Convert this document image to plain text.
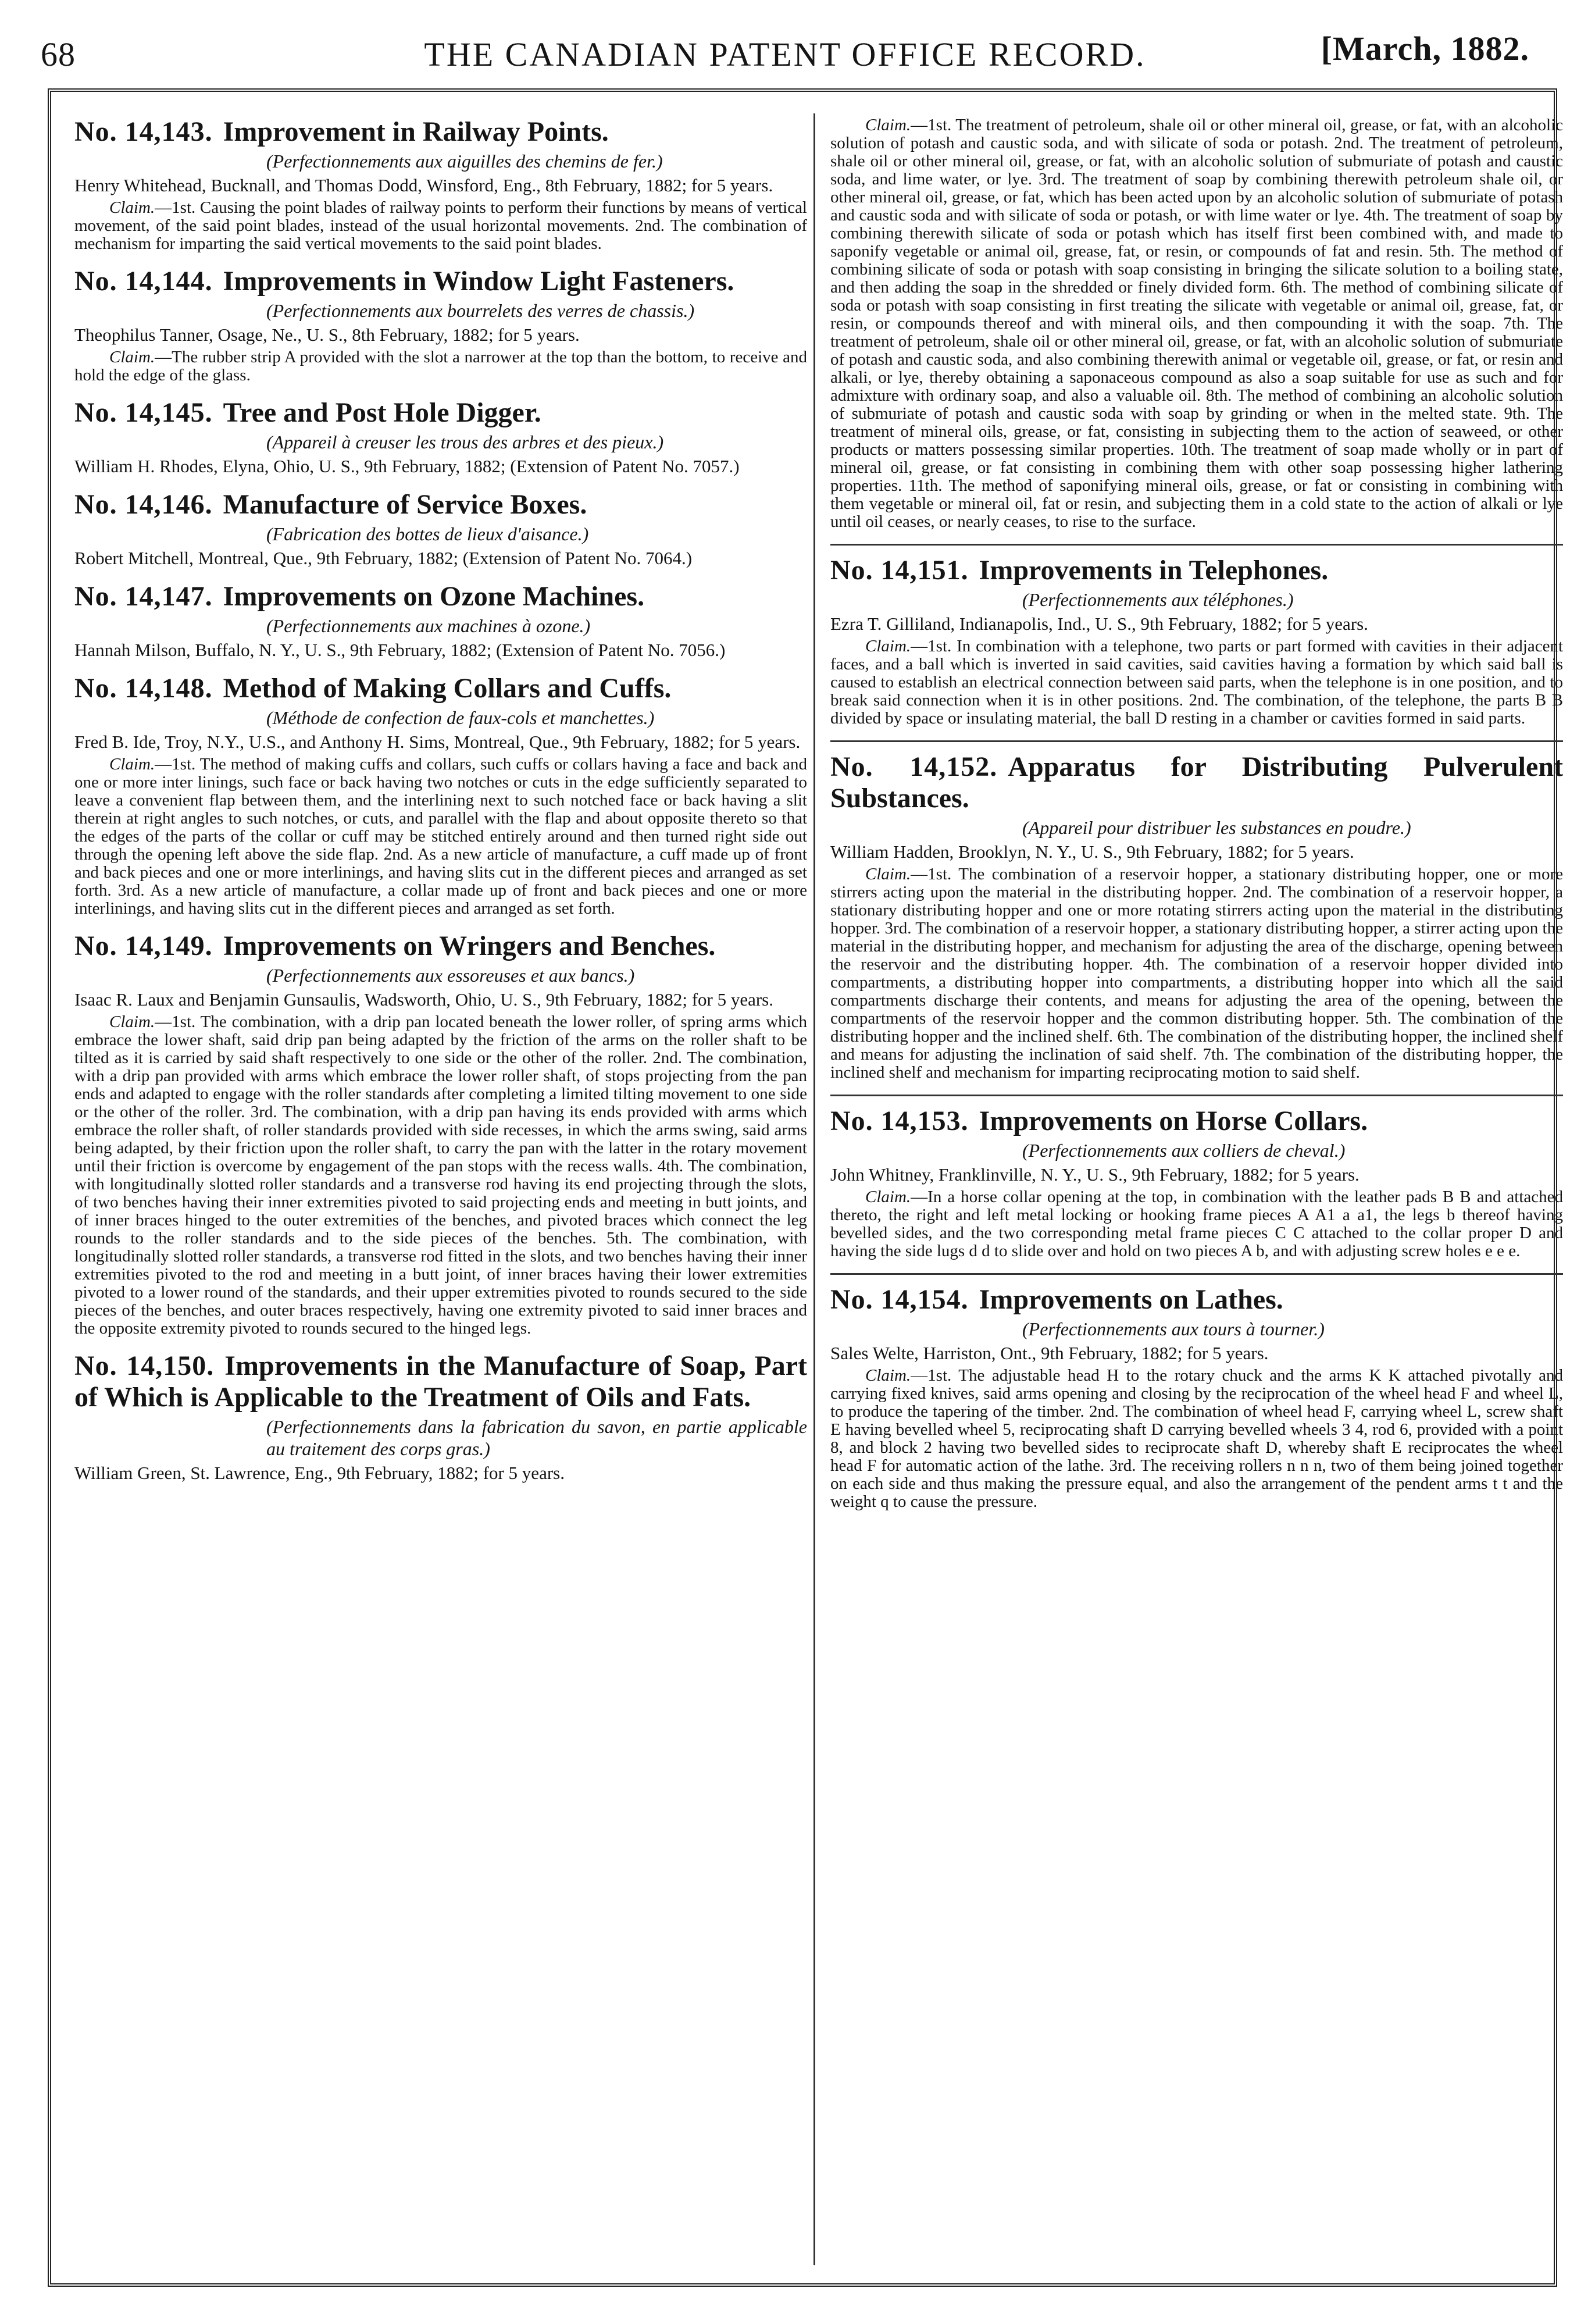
68	THE CANADIAN PATENT OFFICE RECORD.	[March, 1882.
No. 14,143. Improvement in Railway Points.
(Perfectionnements aux aiguilles des chemins de fer.)
Henry Whitehead, Bucknall, and Thomas Dodd, Winsford, Eng., 8th February, 1882; for 5 years.
Claim.—1st. Causing the point blades of railway points to perform their functions by means of vertical movement, of the said point blades, instead of the usual horizontal movements. 2nd. The combination of mechanism for imparting the said vertical movements to the said point blades.
No. 14,144. Improvements in Window Light Fasteners.
(Perfectionnements aux bourrelets des verres de chassis.)
Theophilus Tanner, Osage, Ne., U. S., 8th February, 1882; for 5 years.
Claim.—The rubber strip A provided with the slot a narrower at the top than the bottom, to receive and hold the edge of the glass.
No. 14,145. Tree and Post Hole Digger.
(Appareil à creuser les trous des arbres et des pieux.)
William H. Rhodes, Elyna, Ohio, U. S., 9th February, 1882; (Extension of Patent No. 7057.)
No. 14,146. Manufacture of Service Boxes.
(Fabrication des bottes de lieux d'aisance.)
Robert Mitchell, Montreal, Que., 9th February, 1882; (Extension of Patent No. 7064.)
No. 14,147. Improvements on Ozone Machines.
(Perfectionnements aux machines à ozone.)
Hannah Milson, Buffalo, N. Y., U. S., 9th February, 1882; (Extension of Patent No. 7056.)
No. 14,148. Method of Making Collars and Cuffs.
(Méthode de confection de faux-cols et manchettes.)
Fred B. Ide, Troy, N.Y., U.S., and Anthony H. Sims, Montreal, Que., 9th February, 1882; for 5 years.
Claim.—1st. The method of making cuffs and collars, such cuffs or collars having a face and back and one or more inter linings, such face or back having two notches or cuts in the edge sufficiently separated to leave a convenient flap between them, and the interlining next to such notched face or back having a slit therein at right angles to such notches, or cuts, and parallel with the flap and about opposite thereto so that the edges of the parts of the collar or cuff may be stitched entirely around and then turned right side out through the opening left above the side flap. 2nd. As a new article of manufacture, a cuff made up of front and back pieces and one or more interlinings, and having slits cut in the different pieces and arranged as set forth. 3rd. As a new article of manufacture, a collar made up of front and back pieces and one or more interlinings, and having slits cut in the different pieces and arranged as set forth.
No. 14,149. Improvements on Wringers and Benches.
(Perfectionnements aux essoreuses et aux bancs.)
Isaac R. Laux and Benjamin Gunsaulis, Wadsworth, Ohio, U. S., 9th February, 1882; for 5 years.
Claim.—1st. The combination, with a drip pan located beneath the lower roller, of spring arms which embrace the lower shaft, said drip pan being adapted by the friction of the arms on the roller shaft to be tilted as it is carried by said shaft respectively to one side or the other of the roller. 2nd. The combination, with a drip pan provided with arms which embrace the lower roller shaft, of stops projecting from the pan ends and adapted to engage with the roller standards after completing a limited tilting movement to one side or the other of the roller. 3rd. The combination, with a drip pan having its ends provided with arms which embrace the roller shaft, of roller standards provided with side recesses, in which the arms swing, said arms being adapted, by their friction upon the roller shaft, to carry the pan with the latter in the rotary movement until their friction is overcome by engagement of the pan stops with the recess walls. 4th. The combination, with longitudinally slotted roller standards and a transverse rod having its end projecting through the slots, of two benches having their inner extremities pivoted to said projecting ends and meeting in butt joints, and of inner braces hinged to the outer extremities of the benches, and pivoted braces which connect the leg rounds to the roller standards and to the side pieces of the benches. 5th. The combination, with longitudinally slotted roller standards, a transverse rod fitted in the slots, and two benches having their inner extremities pivoted to the rod and meeting in a butt joint, of inner braces having their lower extremities pivoted to a lower round of the standards, and their upper extremities pivoted to rounds secured to the side pieces of the benches, and outer braces respectively, having one extremity pivoted to said inner braces and the opposite extremity pivoted to rounds secured to the hinged legs.
No. 14,150. Improvements in the Manufacture of Soap, Part of Which is Applicable to the Treatment of Oils and Fats.
(Perfectionnements dans la fabrication du savon, en partie applicable au traitement des corps gras.)
William Green, St. Lawrence, Eng., 9th February, 1882; for 5 years.
Claim.—1st. The treatment of petroleum, shale oil or other mineral oil, grease, or fat, with an alcoholic solution of potash and caustic soda, and with silicate of soda or potash. 2nd. The treatment of petroleum, shale oil or other mineral oil, grease, or fat, with an alcoholic solution of submuriate of potash and caustic soda, and lime water, or lye. 3rd. The treatment of soap by combining therewith petroleum shale oil, or other mineral oil, grease, or fat, which has been acted upon by an alcoholic solution of submuriate of potash and caustic soda and with silicate of soda or potash, or with lime water or lye. 4th. The treatment of soap by combining therewith silicate of soda or potash which has itself first been combined with, and made to saponify vegetable or animal oil, grease, fat, or resin, or compounds of fat and resin. 5th. The method of combining silicate of soda or potash with soap consisting in bringing the silicate solution to a boiling state, and then adding the soap in the shredded or finely divided form. 6th. The method of combining silicate of soda or potash with soap consisting in first treating the silicate with vegetable or animal oil, grease, fat, or resin, or compounds thereof and with mineral oils, and then compounding it with the soap. 7th. The treatment of petroleum, shale oil or other mineral oil, grease, or fat, with an alcoholic solution of submuriate of potash and caustic soda, and also combining therewith animal or vegetable oil, grease, or fat, or resin and alkali, or lye, thereby obtaining a saponaceous compound as also a soap suitable for use as such and for admixture with ordinary soap, and also a valuable oil. 8th. The method of combining an alcoholic solution of submuriate of potash and caustic soda with soap by grinding or when in the melted state. 9th. The treatment of mineral oils, grease, or fat, consisting in subjecting them to the action of seaweed, or other products or matters possessing similar properties. 10th. The treatment of soap made wholly or in part of mineral oil, grease, or fat consisting in combining them with other soap possessing higher lathering properties. 11th. The method of saponifying mineral oils, grease, or fat or consisting in combining with them vegetable or mineral oil, fat or resin, and subjecting them in a cold state to the action of alkali or lye until oil ceases, or nearly ceases, to rise to the surface.
No. 14,151. Improvements in Telephones.
(Perfectionnements aux téléphones.)
Ezra T. Gilliland, Indianapolis, Ind., U. S., 9th February, 1882; for 5 years.
Claim.—1st. In combination with a telephone, two parts or part formed with cavities in their adjacent faces, and a ball which is inverted in said cavities, said cavities having a formation by which said ball is caused to establish an electrical connection between said parts, when the telephone is in one position, and to break said connection when it is in other positions. 2nd. The combination, of the telephone, the parts B B divided by space or insulating material, the ball D resting in a chamber or cavities formed in said parts.
No. 14,152. Apparatus for Distributing Pulverulent Substances.
(Appareil pour distribuer les substances en poudre.)
William Hadden, Brooklyn, N. Y., U. S., 9th February, 1882; for 5 years.
Claim.—1st. The combination of a reservoir hopper, a stationary distributing hopper, one or more stirrers acting upon the material in the distributing hopper. 2nd. The combination of a reservoir hopper, a stationary distributing hopper and one or more rotating stirrers acting upon the material in the distributing hopper. 3rd. The combination of a reservoir hopper, a stationary distributing hopper, a stirrer acting upon the material in the distributing hopper, and mechanism for adjusting the area of the discharge, opening between the reservoir and the distributing hopper. 4th. The combination of a reservoir hopper divided into compartments, a distributing hopper into compartments, a distributing hopper into which all the said compartments discharge their contents, and means for adjusting the area of the opening, between the compartments of the reservoir hopper and the common distributing hopper. 5th. The combination of the distributing hopper and the inclined shelf. 6th. The combination of the distributing hopper, the inclined shelf and means for adjusting the inclination of said shelf. 7th. The combination of the distributing hopper, the inclined shelf and mechanism for imparting reciprocating motion to said shelf.
No. 14,153. Improvements on Horse Collars.
(Perfectionnements aux colliers de cheval.)
John Whitney, Franklinville, N. Y., U. S., 9th February, 1882; for 5 years.
Claim.—In a horse collar opening at the top, in combination with the leather pads B B and attached thereto, the right and left metal locking or hooking frame pieces A A1 a a1, the legs b thereof having bevelled sides, and the two corresponding metal frame pieces C C attached to the collar proper D and having the side lugs d d to slide over and hold on two pieces A b, and with adjusting screw holes e e e.
No. 14,154. Improvements on Lathes.
(Perfectionnements aux tours à tourner.)
Sales Welte, Harriston, Ont., 9th February, 1882; for 5 years.
Claim.—1st. The adjustable head H to the rotary chuck and the arms K K attached pivotally and carrying fixed knives, said arms opening and closing by the reciprocation of the wheel head F and wheel L, to produce the tapering of the timber. 2nd. The combination of wheel head F, carrying wheel L, screw shaft E having bevelled wheel 5, reciprocating shaft D carrying bevelled wheels 3 4, rod 6, provided with a point 8, and block 2 having two bevelled sides to reciprocate shaft D, whereby shaft E reciprocates the wheel head F for automatic action of the lathe. 3rd. The receiving rollers n n n, two of them being joined together on each side and thus making the pressure equal, and also the arrangement of the pendent arms t t and the weight q to cause the pressure.
